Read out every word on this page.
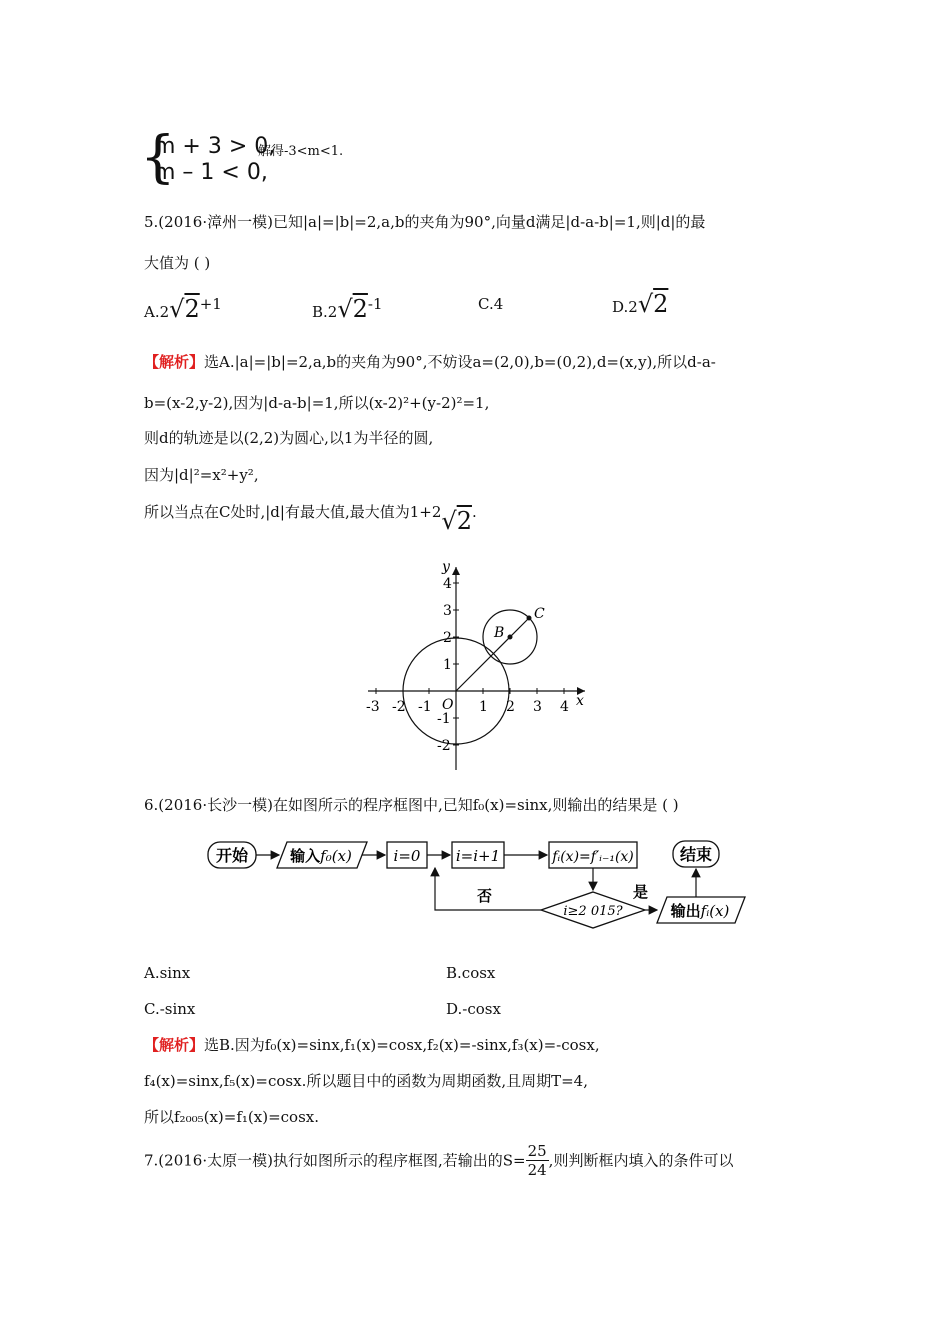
{
m + 3 > 0,
m – 1 < 0,
解得-3<m<1.
5.(2016·漳州一模)已知|a|=|b|=2,a,b的夹角为90°,向量d满足|d-a-b|=1,则|d|的最
大值为 ( )
A.2√2+1	B.2√2-1	C.4	D.2√2
【解析】选A.|a|=|b|=2,a,b的夹角为90°,不妨设a=(2,0),b=(0,2),d=(x,y),所以d-a-
b=(x-2,y-2),因为|d-a-b|=1,所以(x-2)²+(y-2)²=1,
则d的轨迹是以(2,2)为圆心,以1为半径的圆,
因为|d|²=x²+y²,
所以当点在C处时,|d|有最大值,最大值为1+2√2.
x
y
O
B
C
-3 -2 -1	1 2 3 4
4
3
2
1
-1
-2
6.(2016·长沙一模)在如图所示的程序框图中,已知f₀(x)=sinx,则输出的结果是 ( )
开始	输入f₀(x)	i=0 i=i+1	fᵢ(x)=f′ᵢ₋₁(x)
i≥2 015?
否	是
输出fᵢ(x)
结束
A.sinx	B.cosx
C.-sinx	D.-cosx
【解析】选B.因为f₀(x)=sinx,f₁(x)=cosx,f₂(x)=-sinx,f₃(x)=-cosx,
f₄(x)=sinx,f₅(x)=cosx.所以题目中的函数为周期函数,且周期T=4,
所以f₂₀₀₅(x)=f₁(x)=cosx.
7.(2016·太原一模)执行如图所示的程序框图,若输出的$S= \frac{25}{24}$ ,则判断框内填入的条件可以
